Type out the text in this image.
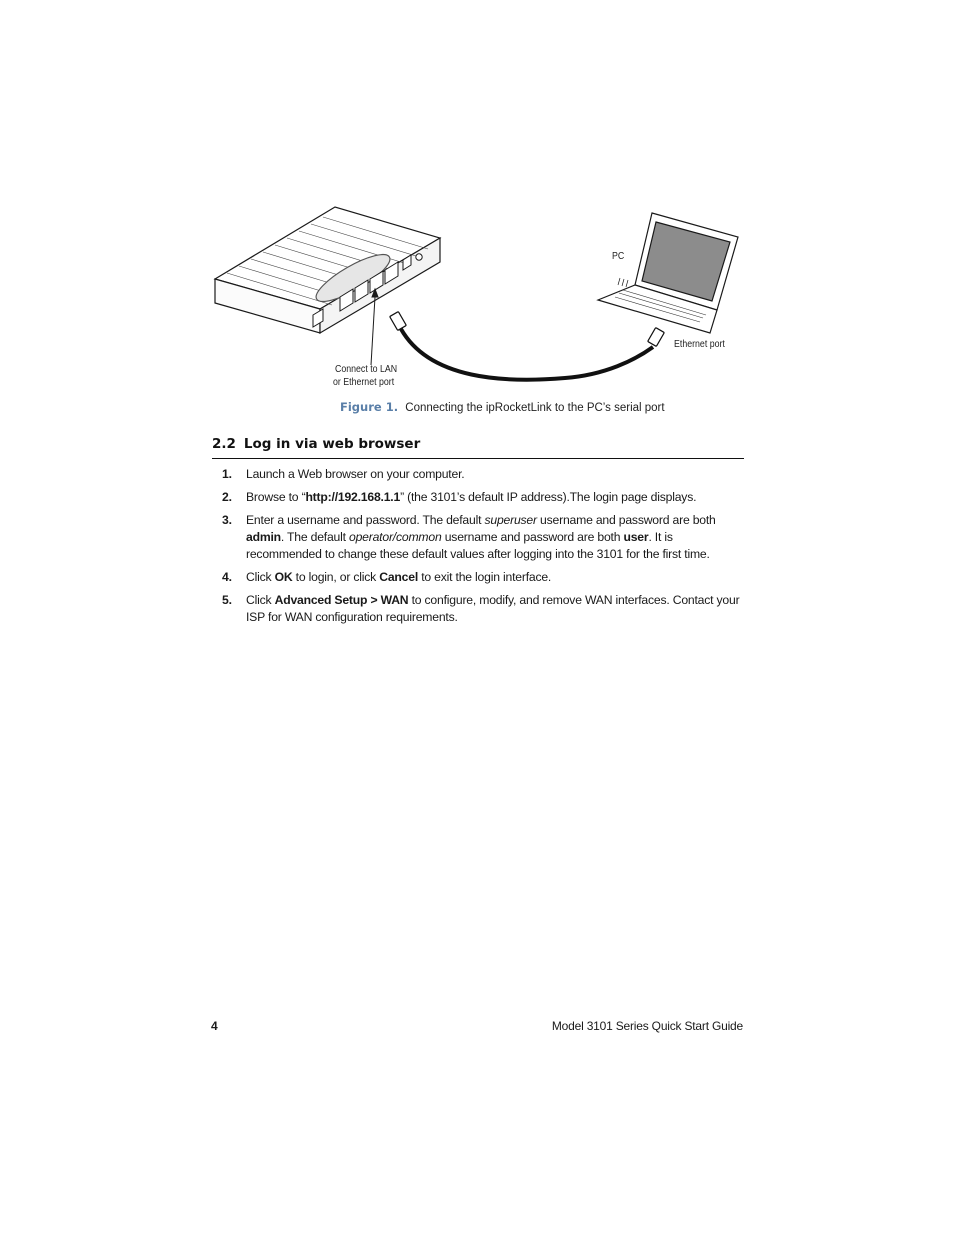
PC
Ethernet port
Connect to LAN
or Ethernet port
Figure 1. Connecting the ipRocketLink to the PC’s serial port
2.2 Log in via web browser
1. Launch a Web browser on your computer.
2. Browse to “http://192.168.1.1” (the 3101’s default IP address).The login page displays.
3. Enter a username and password. The default superuser username and password are both admin. The default operator/common username and password are both user. It is recommended to change these default values after logging into the 3101 for the first time.
4. Click OK to login, or click Cancel to exit the login interface.
5. Click Advanced Setup > WAN to configure, modify, and remove WAN interfaces. Contact your ISP for WAN configuration requirements.
4	Model 3101 Series Quick Start Guide
